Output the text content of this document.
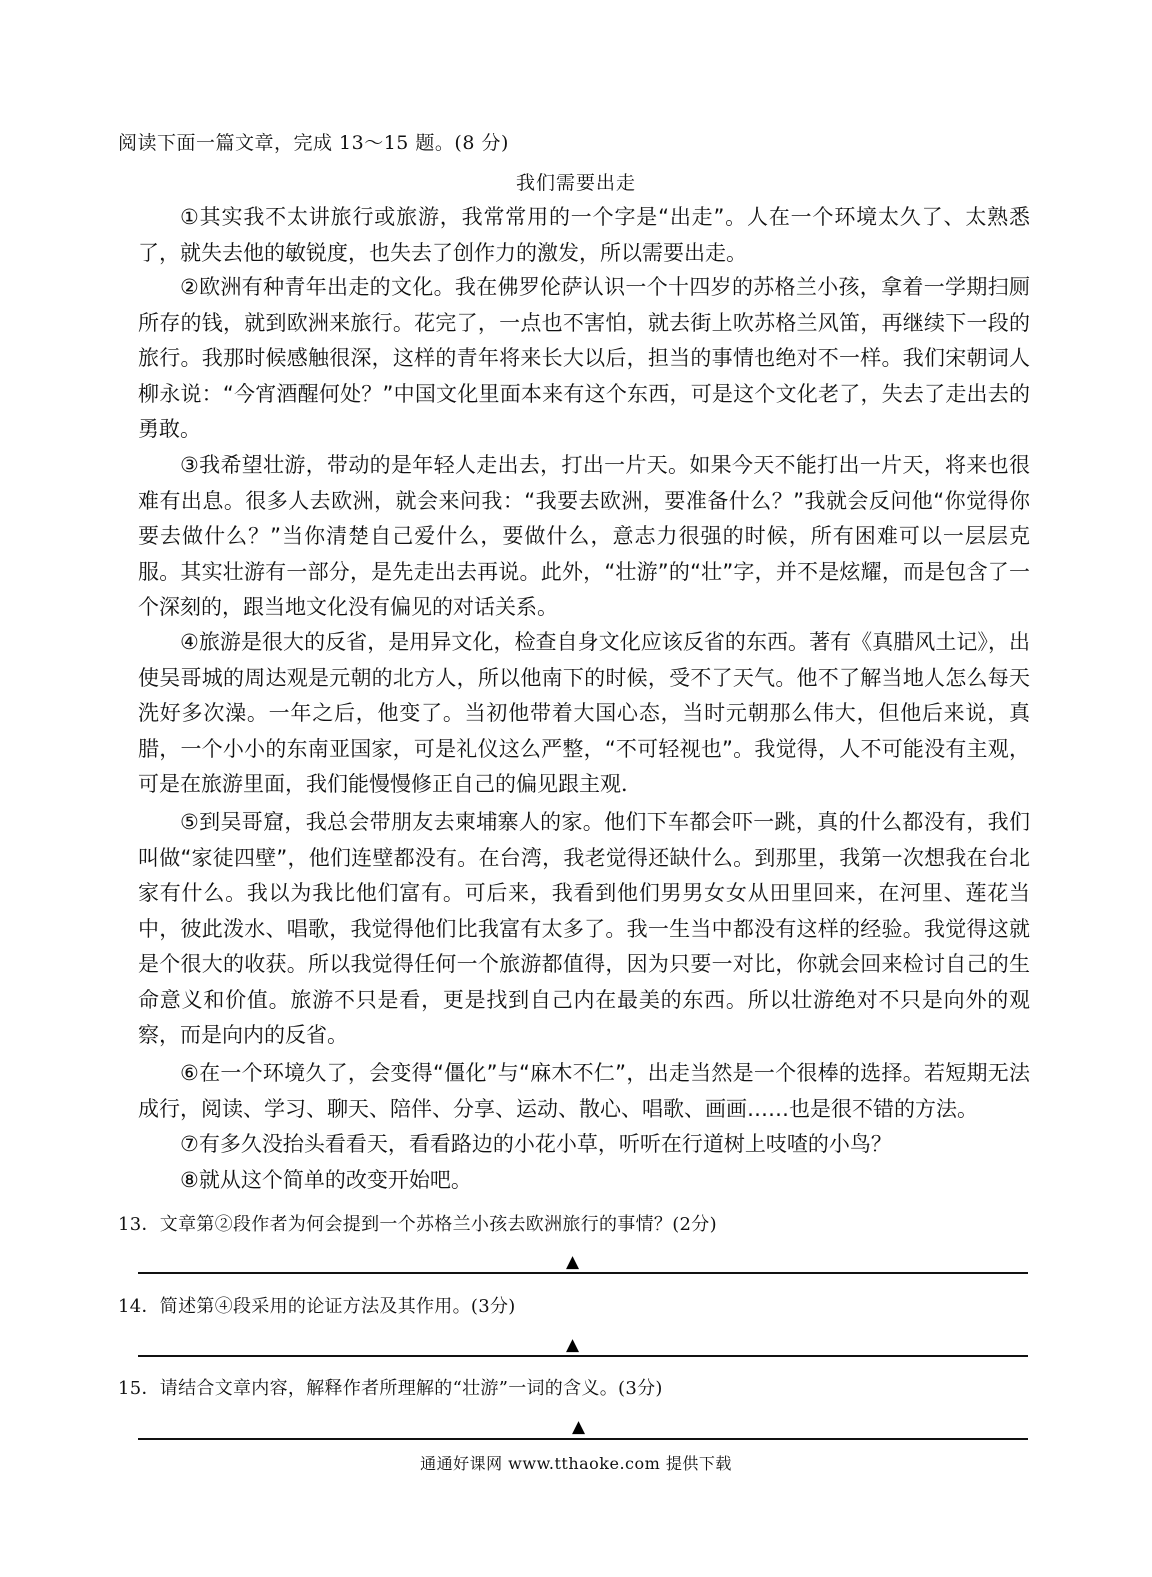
阅读下面一篇文章，完成 13～15 题。(8 分)
我们需要出走

①其实我不太讲旅行或旅游，我常常用的一个字是“出走”。人在一个环境太久了、太熟悉了，就失去他的敏锐度，也失去了创作力的激发，所以需要出走。

②欧洲有种青年出走的文化。我在佛罗伦萨认识一个十四岁的苏格兰小孩，拿着一学期扫厕所存的钱，就到欧洲来旅行。花完了，一点也不害怕，就去街上吹苏格兰风笛，再继续下一段的旅行。我那时候感触很深，这样的青年将来长大以后，担当的事情也绝对不一样。我们宋朝词人柳永说：“今宵酒醒何处？”中国文化里面本来有这个东西，可是这个文化老了，失去了走出去的勇敢。

③我希望壮游，带动的是年轻人走出去，打出一片天。如果今天不能打出一片天，将来也很难有出息。很多人去欧洲，就会来问我：“我要去欧洲，要准备什么？”我就会反问他“你觉得你要去做什么？”当你清楚自己爱什么，要做什么，意志力很强的时候，所有困难可以一层层克服。其实壮游有一部分，是先走出去再说。此外，“壮游”的“壮”字，并不是炫耀，而是包含了一个深刻的，跟当地文化没有偏见的对话关系。

④旅游是很大的反省，是用异文化，检查自身文化应该反省的东西。著有《真腊风土记》，出使吴哥城的周达观是元朝的北方人，所以他南下的时候，受不了天气。他不了解当地人怎么每天洗好多次澡。一年之后，他变了。当初他带着大国心态，当时元朝那么伟大，但他后来说，真腊，一个小小的东南亚国家，可是礼仪这么严整，“不可轻视也”。我觉得，人不可能没有主观，可是在旅游里面，我们能慢慢修正自己的偏见跟主观．

⑤到吴哥窟，我总会带朋友去柬埔寨人的家。他们下车都会吓一跳，真的什么都没有，我们叫做“家徒四壁”，他们连壁都没有。在台湾，我老觉得还缺什么。到那里，我第一次想我在台北家有什么。我以为我比他们富有。可后来，我看到他们男男女女从田里回来，在河里、莲花当中，彼此泼水、唱歌，我觉得他们比我富有太多了。我一生当中都没有这样的经验。我觉得这就是个很大的收获。所以我觉得任何一个旅游都值得，因为只要一对比，你就会回来检讨自己的生命意义和价值。旅游不只是看，更是找到自己内在最美的东西。所以壮游绝对不只是向外的观察，而是向内的反省。

⑥在一个环境久了，会变得“僵化”与“麻木不仁”，出走当然是一个很棒的选择。若短期无法成行，阅读、学习、聊天、陪伴、分享、运动、散心、唱歌、画画……也是很不错的方法。

⑦有多久没抬头看看天，看看路边的小花小草，听听在行道树上吱喳的小鸟？

⑧就从这个简单的改变开始吧。

13．文章第②段作者为何会提到一个苏格兰小孩去欧洲旅行的事情？(2分)
▲
14．简述第④段采用的论证方法及其作用。(3分)
▲
15．请结合文章内容，解释作者所理解的“壮游”一词的含义。(3分)
▲
通通好课网 www.tthaoke.com 提供下载
